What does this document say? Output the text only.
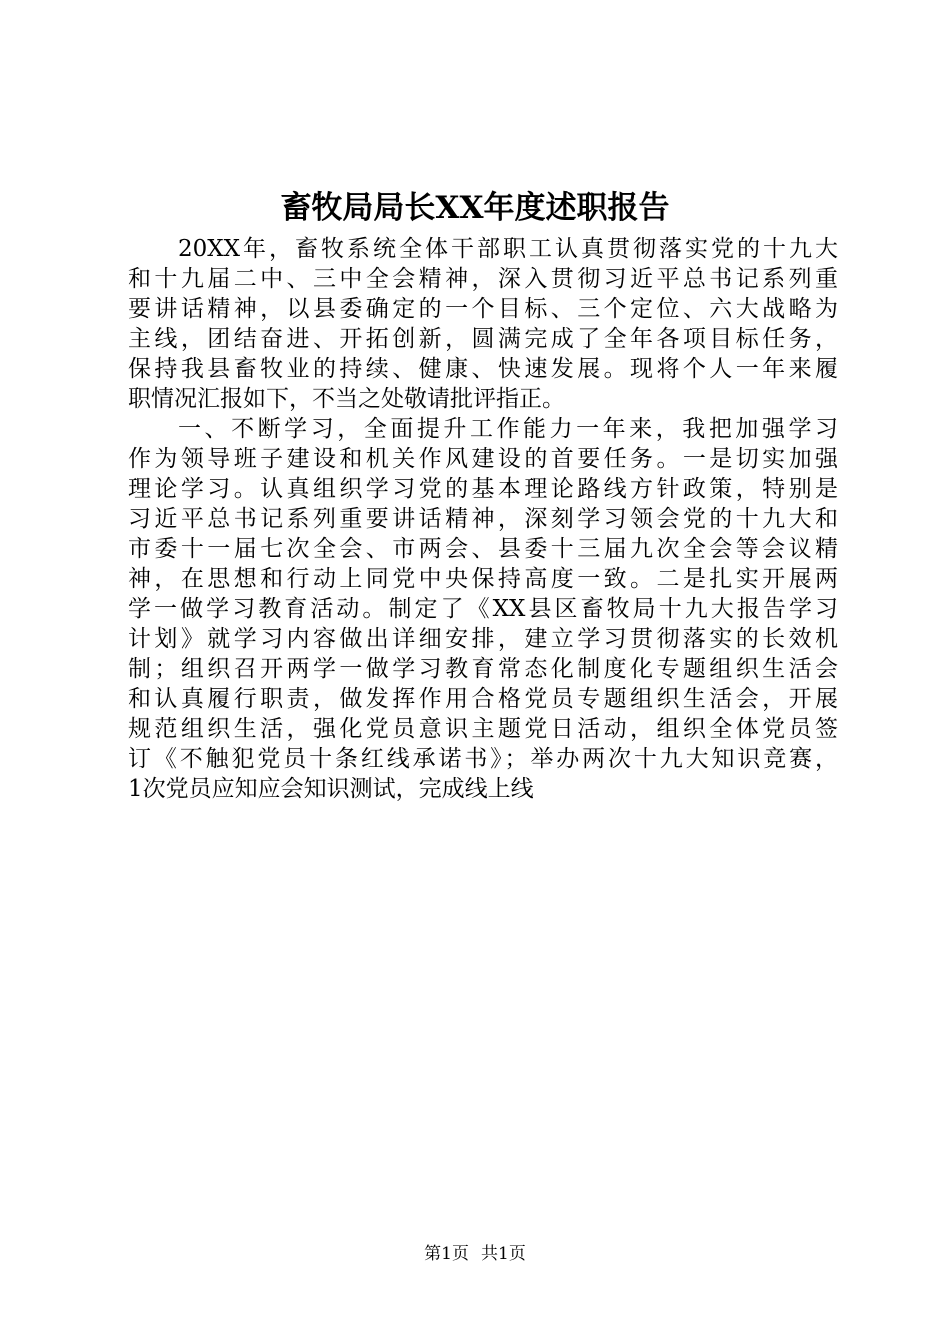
畜牧局局长XX年度述职报告
20XX年，畜牧系统全体干部职工认真贯彻落实党的十九大
和十九届二中、三中全会精神，深入贯彻习近平总书记系列重
要讲话精神，以县委确定的一个目标、三个定位、六大战略为
主线，团结奋进、开拓创新，圆满完成了全年各项目标任务，
保持我县畜牧业的持续、健康、快速发展。现将个人一年来履
职情况汇报如下，不当之处敬请批评指正。
一、不断学习，全面提升工作能力一年来，我把加强学习
作为领导班子建设和机关作风建设的首要任务。一是切实加强
理论学习。认真组织学习党的基本理论路线方针政策，特别是
习近平总书记系列重要讲话精神，深刻学习领会党的十九大和
市委十一届七次全会、市两会、县委十三届九次全会等会议精
神，在思想和行动上同党中央保持高度一致。二是扎实开展两
学一做学习教育活动。制定了《XX县区畜牧局十九大报告学习
计划》就学习内容做出详细安排，建立学习贯彻落实的长效机
制；组织召开两学一做学习教育常态化制度化专题组织生活会
和认真履行职责，做发挥作用合格党员专题组织生活会，开展
规范组织生活，强化党员意识主题党日活动，组织全体党员签
订《不触犯党员十条红线承诺书》；举办两次十九大知识竞赛，
1次党员应知应会知识测试，完成线上线
第1页 共1页
